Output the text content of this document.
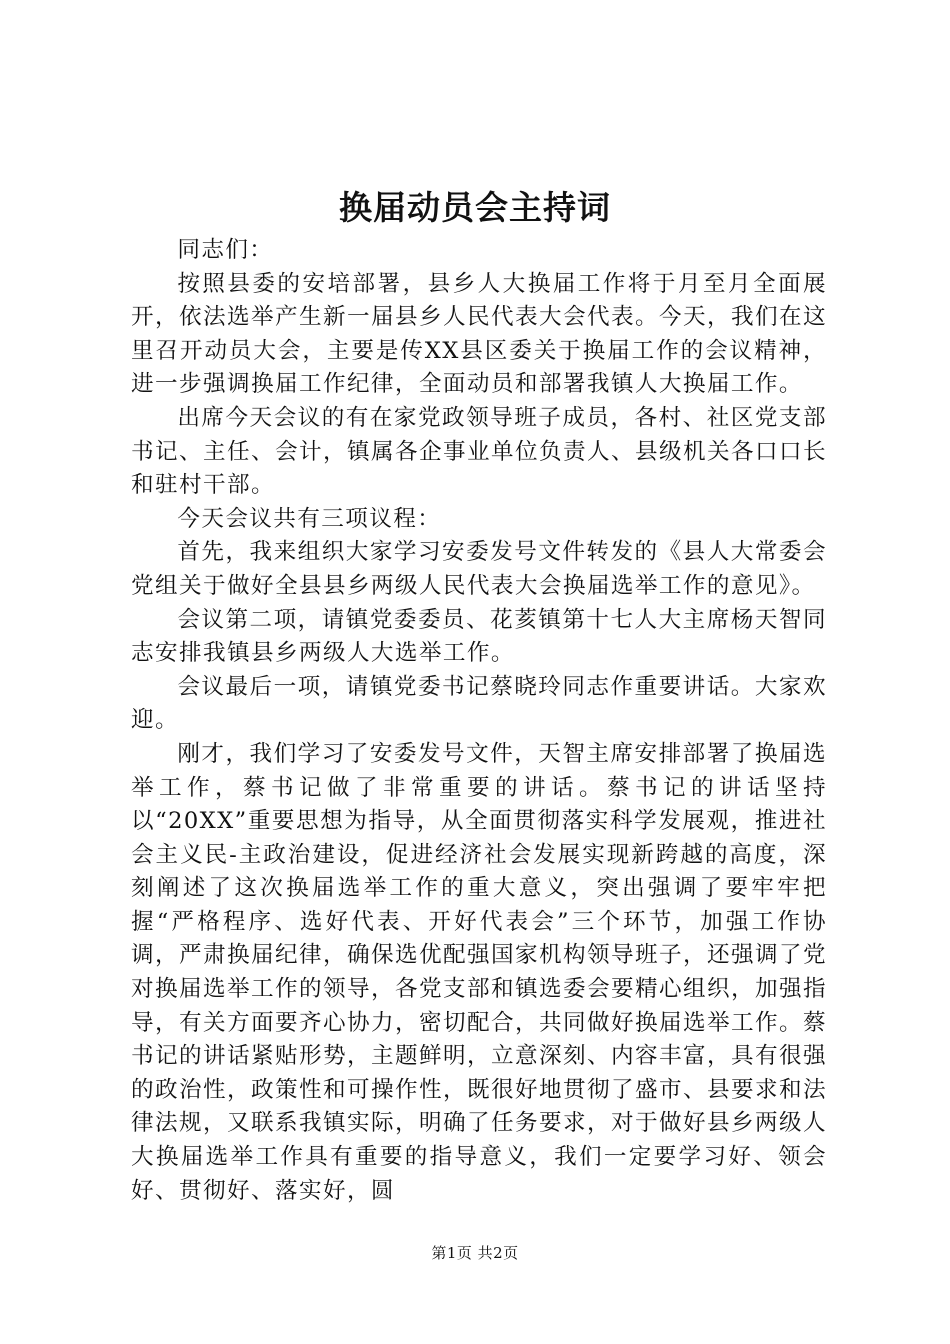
换届动员会主持词

同志们：

按照县委的安培部署，县乡人大换届工作将于月至月全面展开，依法选举产生新一届县乡人民代表大会代表。今天，我们在这里召开动员大会，主要是传XX县区委关于换届工作的会议精神，进一步强调换届工作纪律，全面动员和部署我镇人大换届工作。

出席今天会议的有在家党政领导班子成员，各村、社区党支部书记、主任、会计，镇属各企事业单位负责人、县级机关各口口长和驻村干部。

今天会议共有三项议程：

首先，我来组织大家学习安委发号文件转发的《县人大常委会党组关于做好全县县乡两级人民代表大会换届选举工作的意见》。

会议第二项，请镇党委委员、花荄镇第十七人大主席杨天智同志安排我镇县乡两级人大选举工作。

会议最后一项，请镇党委书记蔡晓玲同志作重要讲话。大家欢迎。

刚才，我们学习了安委发号文件，天智主席安排部署了换届选举工作，蔡书记做了非常重要的讲话。蔡书记的讲话坚持以“20XX”重要思想为指导，从全面贯彻落实科学发展观，推进社会主义民-主政治建设，促进经济社会发展实现新跨越的高度，深刻阐述了这次换届选举工作的重大意义，突出强调了要牢牢把握“严格程序、选好代表、开好代表会”三个环节，加强工作协调，严肃换届纪律，确保选优配强国家机构领导班子，还强调了党对换届选举工作的领导，各党支部和镇选委会要精心组织，加强指导，有关方面要齐心协力，密切配合，共同做好换届选举工作。蔡书记的讲话紧贴形势，主题鲜明，立意深刻、内容丰富，具有很强的政治性，政策性和可操作性，既很好地贯彻了盛市、县要求和法律法规，又联系我镇实际，明确了任务要求，对于做好县乡两级人大换届选举工作具有重要的指导意义，我们一定要学习好、领会好、贯彻好、落实好，圆

第1页 共2页
